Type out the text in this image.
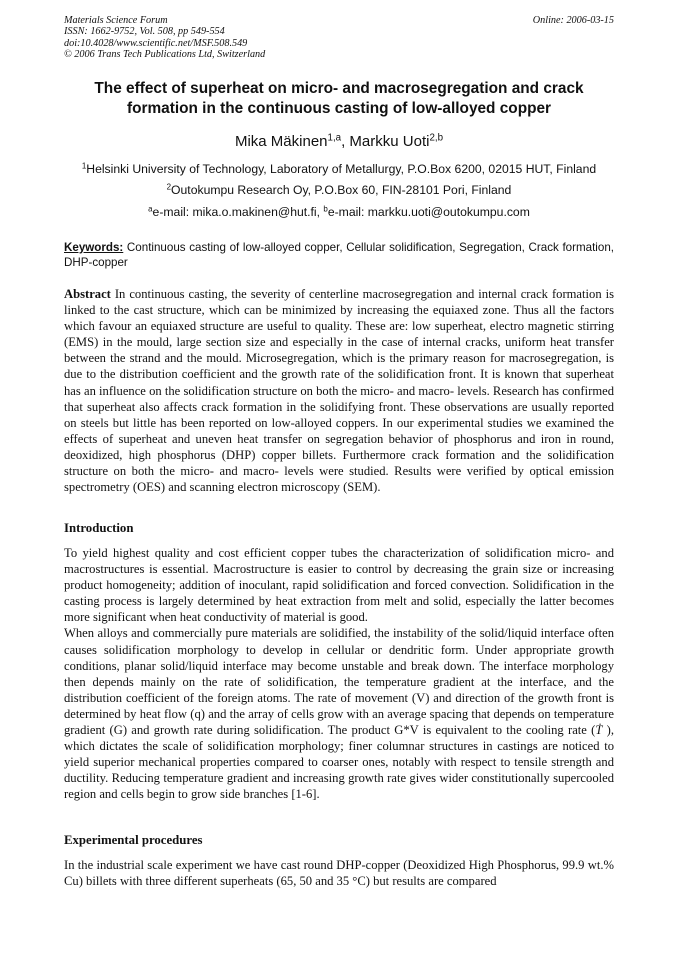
Materials Science Forum
ISSN: 1662-9752, Vol. 508, pp 549-554
doi:10.4028/www.scientific.net/MSF.508.549
© 2006 Trans Tech Publications Ltd, Switzerland
Online: 2006-03-15
The effect of superheat on micro- and macrosegregation and crack formation in the continuous casting of low-alloyed copper
Mika Mäkinen$^{1,a}$, Markku Uoti$^{2,b}$
$^1$Helsinki University of Technology, Laboratory of Metallurgy, P.O.Box 6200, 02015 HUT, Finland
$^2$Outokumpu Research Oy, P.O.Box 60, FIN-28101 Pori, Finland
$^a$e-mail: mika.o.makinen@hut.fi, $^b$e-mail: markku.uoti@outokumpu.com
Keywords: Continuous casting of low-alloyed copper, Cellular solidification, Segregation, Crack formation, DHP-copper

Abstract In continuous casting, the severity of centerline macrosegregation and internal crack formation is linked to the cast structure, which can be minimized by increasing the equiaxed zone. Thus all the factors which favour an equiaxed structure are useful to quality. These are: low superheat, electro magnetic stirring (EMS) in the mould, large section size and especially in the case of internal cracks, uniform heat transfer between the strand and the mould. Microsegregation, which is the primary reason for macrosegregation, is due to the distribution coefficient and the growth rate of the solidification front. It is known that superheat has an influence on the solidification structure on both the micro- and macro- levels. Research has confirmed that superheat also affects crack formation in the solidifying front. These observations are usually reported on steels but little has been reported on low-alloyed coppers. In our experimental studies we examined the effects of superheat and uneven heat transfer on segregation behavior of phosphorus and iron in round, deoxidized, high phosphorus (DHP) copper billets. Furthermore crack formation and the solidification structure on both the micro- and macro- levels were studied. Results were verified by optical emission spectrometry (OES) and scanning electron microscopy (SEM).

Introduction

To yield highest quality and cost efficient copper tubes the characterization of solidification micro- and macrostructures is essential. Macrostructure is easier to control by decreasing the grain size or increasing product homogeneity; addition of inoculant, rapid solidification and forced convection. Solidification in the casting process is largely determined by heat extraction from melt and solid, especially the latter becomes more significant when heat conductivity of material is good.

When alloys and commercially pure materials are solidified, the instability of the solid/liquid interface often causes solidification morphology to develop in cellular or dendritic form. Under appropriate growth conditions, planar solid/liquid interface may become unstable and break down. The interface morphology then depends mainly on the rate of solidification, the temperature gradient at the interface, and the distribution coefficient of the foreign atoms. The rate of movement (V) and direction of the growth front is determined by heat flow (q) and the array of cells grow with an average spacing that depends on temperature gradient (G) and growth rate during solidification. The product G*V is equivalent to the cooling rate (Ṫ ), which dictates the scale of solidification morphology; finer columnar structures in castings are noticed to yield superior mechanical properties compared to coarser ones, notably with respect to tensile strength and ductility. Reducing temperature gradient and increasing growth rate gives wider constitutionally supercooled region and cells begin to grow side branches [1-6].

Experimental procedures

In the industrial scale experiment we have cast round DHP-copper (Deoxidized High Phosphorus, 99.9 wt.% Cu) billets with three different superheats (65, 50 and 35 °C) but results are compared
